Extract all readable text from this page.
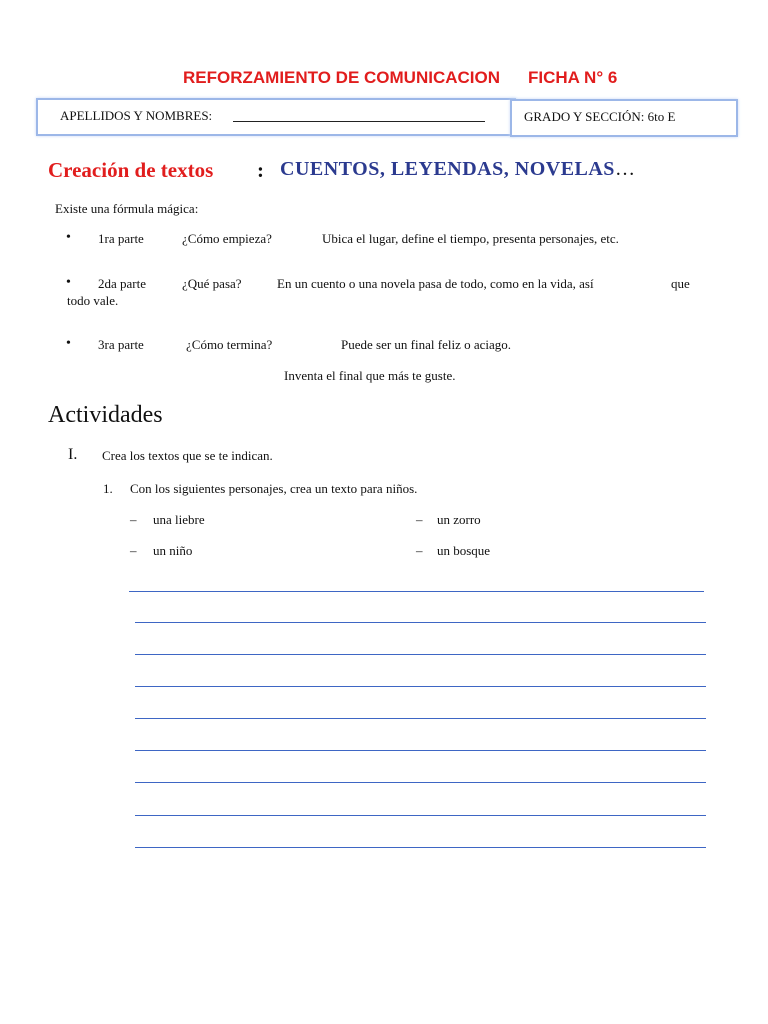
REFORZAMIENTO DE COMUNICACION FICHA N° 6
APELLIDOS Y NOMBRES:	GRADO Y SECCIÓN: 6to E
Creación de textos : CUENTOS, LEYENDAS, NOVELAS…
Existe una fórmula mágica:
• 1ra parte	¿Cómo empieza?	Ubica el lugar, define el tiempo, presenta personajes, etc.
• 2da parte	¿Qué pasa?	En un cuento o una novela pasa de todo, como en la vida, así	que
todo vale.
• 3ra parte	¿Cómo termina?	Puede ser un final feliz o aciago.
Inventa el final que más te guste.
Actividades
I. Crea los textos que se te indican.
1. Con los siguientes personajes, crea un texto para niños.
– una liebre	– un zorro
– un niño	– un bosque
